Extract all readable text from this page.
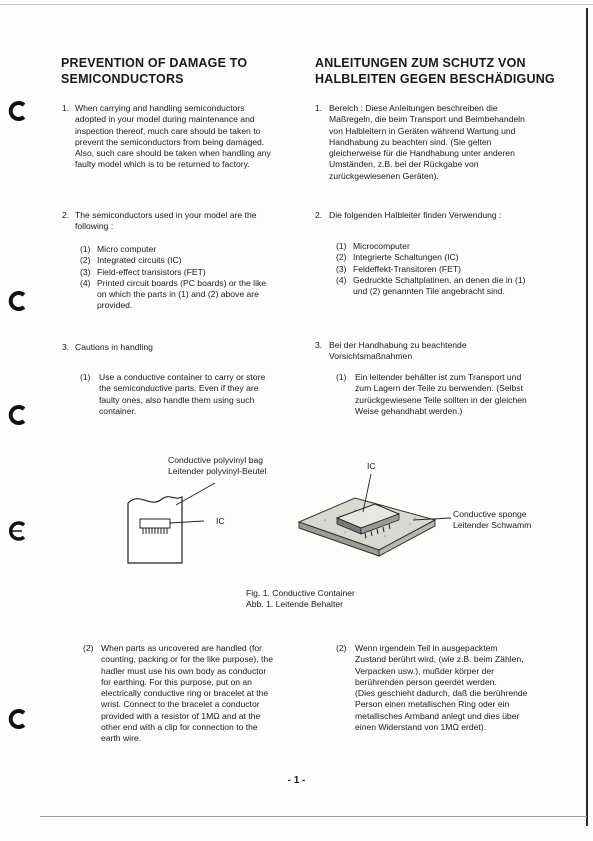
PREVENTION OF DAMAGE TO
SEMICONDUCTORS
ANLEITUNGEN ZUM SCHUTZ VON
HALBLEITEN GEGEN BESCHÄDIGUNG
1. When carrying and handling semiconductors
adopted in your model during maintenance and
inspection thereof, much care should be taken to
prevent the semiconductors from being damaged.
Also, such care should be taken when handling any
faulty model which is to be returned to factory.
1. Bereich : Diese Anleitungen beschreiben die
Maßregeln, die beim Transport und Beimbehandeln
von Halbleitern in Geräten während Wartung und
Handhabung zu beachten sind. (Sie gelten
gleicherweise für die Handhabung unter anderen
Umständen, z.B. bei der Rückgabe von
zurückgewiesenen Geräten).
2. The semiconductors used in your model are the
following :
(1) Micro computer
(2) Integrated circuits (IC)
(3) Field-effect transistors (FET)
(4) Printed circuit boards (PC boards) or the like
on which the parts in (1) and (2) above are
provided.
2. Die folgenden Halbleiter finden Verwendung :
(1) Microcomputer
(2) Integrierte Schaltungen (IC)
(3) Feldeffekt-Transitoren (FET)
(4) Gedruckte Schaltplatinen, an denen die in (1)
und (2) genannten Tile angebracht sind.
3. Cautions in handling
(1) Use a conductive container to carry or store
the semiconductive parts. Even if they are
faulty ones, also handle them using such
container.
3. Bei der Handhabung zu beachtende
Vorsichtsmaßnahmen
(1) Ein leitender behälter ist zum Transport und
zum Lagern der Teile zu berwenden. (Selbst
zurückgewiesene Teile sollten in der gleichen
Weise gehandhabt werden.)
Conductive polyvinyl bag
Leitender polyvinyl-Beutel
IC
IC
Conductive sponge
Leitender Schwamm
Fig. 1. Conductive Container
Abb. 1. Leitende Behalter
(2) When parts as uncovered are handled (for
counting, packing or for the like purpose), the
hadler must use his own body as conductor
for earthing. For this purpose, put on an
electrically conductive ring or bracelet at the
wrist. Connect to the bracelet a conductor
provided with a resistor of 1MΩ and at the
other end with a clip for connection to the
earth wire.
(2) Wenn irgendein Teil in ausgepacktem
Zustand berührt wird, (wie z.B. beim Zählen,
Verpacken usw.), mußder körper der
berührenden person geerdet werden.
(Dies geschieht dadurch, daß die berührende
Person einen metallischen Ring oder ein
metallisches Armband anlegt und dies über
einen Widerstand von 1MΩ erdet).
- 1 -
